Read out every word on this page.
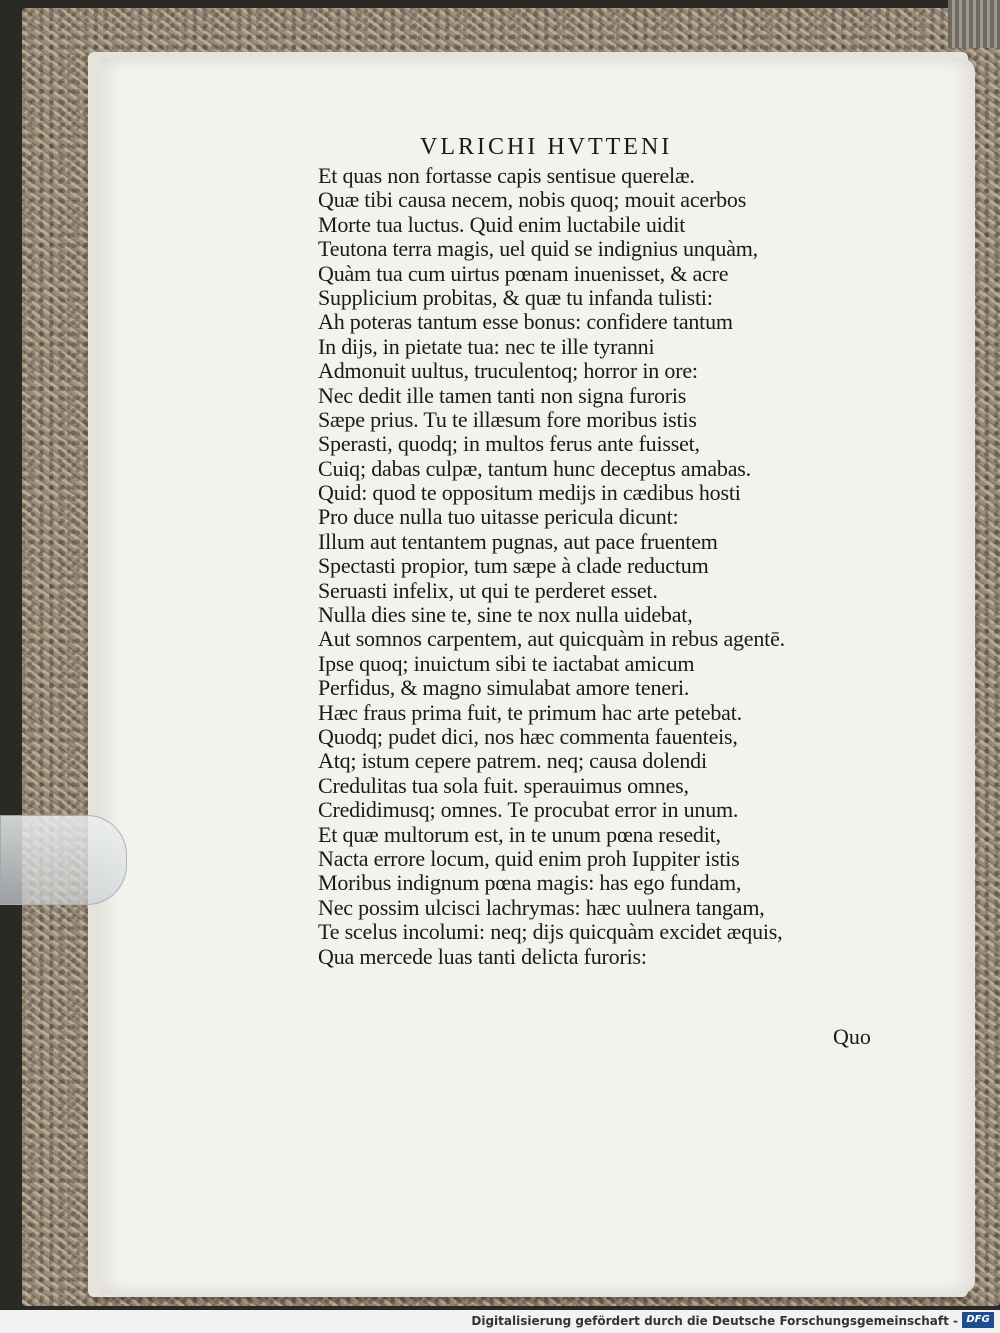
VLRICHI HVTTENI
Et quas non fortasse capis sentisue querelæ.
Quæ tibi causa necem, nobis quoq; mouit acerbos
Morte tua luctus. Quid enim luctabile uidit
Teutona terra magis, uel quid se indignius unquàm,
Quàm tua cum uirtus pœnam inuenisset, & acre
Supplicium probitas, & quæ tu infanda tulisti:
Ah poteras tantum esse bonus: confidere tantum
In dijs, in pietate tua: nec te ille tyranni
Admonuit uultus, truculentoq; horror in ore:
Nec dedit ille tamen tanti non signa furoris
Sæpe prius. Tu te illæsum fore moribus istis
Sperasti, quodq; in multos ferus ante fuisset,
Cuiq; dabas culpæ, tantum hunc deceptus amabas.
Quid: quod te oppositum medijs in cædibus hosti
Pro duce nulla tuo uitasse pericula dicunt:
Illum aut tentantem pugnas, aut pace fruentem
Spectasti propior, tum sæpe à clade reductum
Seruasti infelix, ut qui te perderet esset.
Nulla dies sine te, sine te nox nulla uidebat,
Aut somnos carpentem, aut quicquàm in rebus agentē.
Ipse quoq; inuictum sibi te iactabat amicum
Perfidus, & magno simulabat amore teneri.
Hæc fraus prima fuit, te primum hac arte petebat.
Quodq; pudet dici, nos hæc commenta fauenteis,
Atq; istum cepere patrem. neq; causa dolendi
Credulitas tua sola fuit. sperauimus omnes,
Credidimusq; omnes. Te procubat error in unum.
Et quæ multorum est, in te unum pœna resedit,
Nacta errore locum, quid enim proh Iuppiter istis
Moribus indignum pœna magis: has ego fundam,
Nec possim ulcisci lachrymas: hæc uulnera tangam,
Te scelus incolumi: neq; dijs quicquàm excidet æquis,
Qua mercede luas tanti delicta furoris:
Quo
Digitalisierung gefördert durch die Deutsche Forschungsgemeinschaft - DFG
